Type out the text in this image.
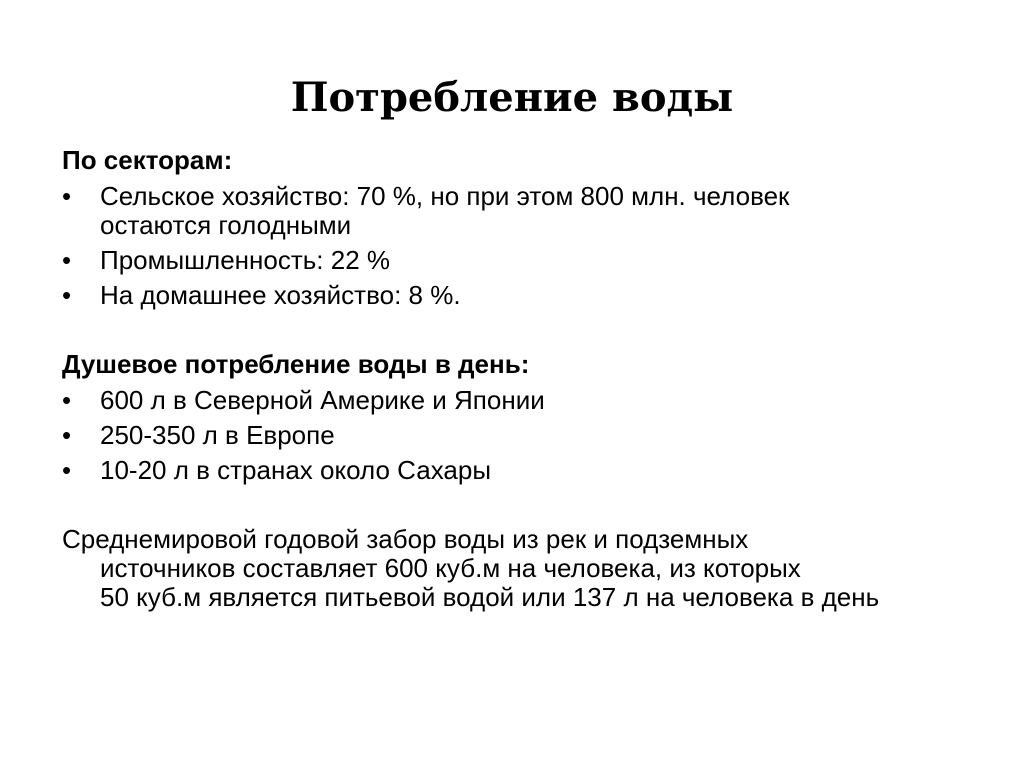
Потребление воды

По секторам:

• Сельское хозяйство: 70 %, но при этом 800 млн. человек остаются голодными
• Промышленность: 22 %
• На домашнее хозяйство: 8 %.

Душевое потребление воды в день:

• 600 л в Северной Америке и Японии
• 250-350 л в Европе
• 10-20 л в странах около Сахары

Среднемировой годовой забор воды из рек и подземных
источников составляет 600 куб.м на человека, из которых
50 куб.м является питьевой водой или 137 л на человека в день
